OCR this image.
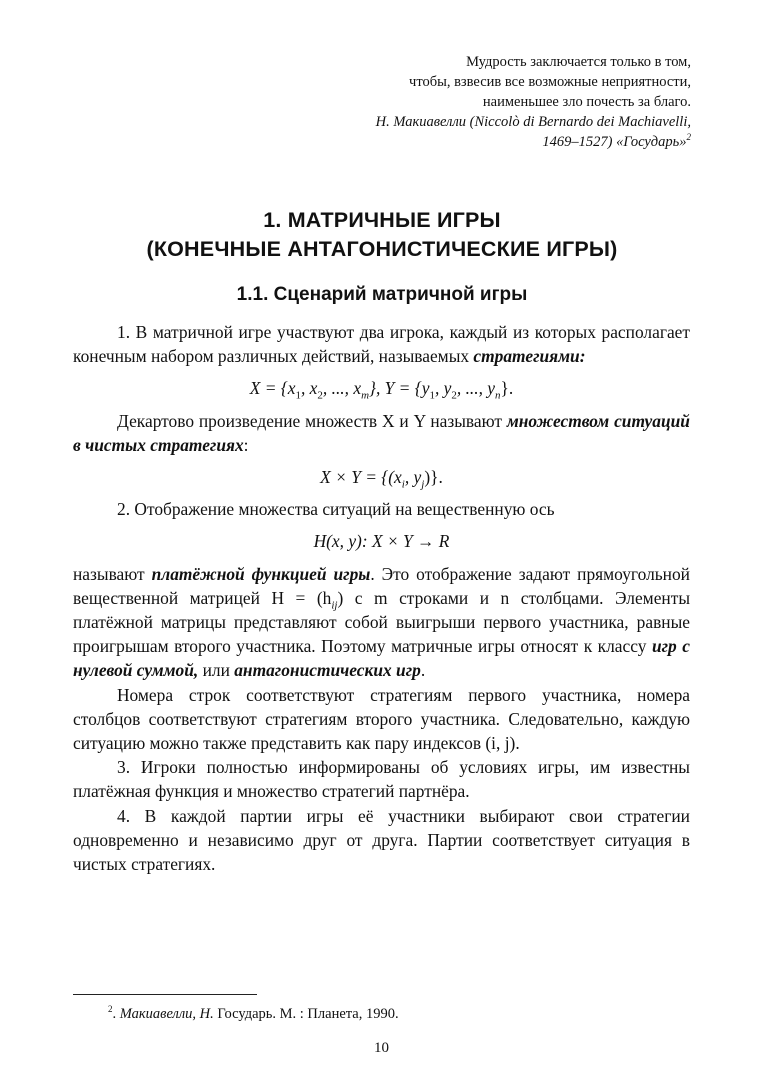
Мудрость заключается только в том,
чтобы, взвесив все возможные неприятности,
наименьшее зло почесть за благо.
Н. Макиавелли (Niccolò di Bernardo dei Machiavelli,
1469–1527) «Государь»$^2$
1. МАТРИЧНЫЕ ИГРЫ
(КОНЕЧНЫЕ АНТАГОНИСТИЧЕСКИЕ ИГРЫ)
1.1. Сценарий матричной игры

1. В матричной игре участвуют два игрока, каждый из которых располагает конечным набором различных действий, называемых стратегиями:

$X = \{x_1$, $x_2$, ..., $x_m$}, $Y = \{y_1$, $y_2$, ..., $y_n$}.

Декартово произведение множеств X и Y называют множеством ситуаций в чистых стратегиях:

$X \times Y = \{(x_i$, $y_j$)}.

2. Отображение множества ситуаций на вещественную ось

H(x, y): X × Y → R

называют платёжной функцией игры. Это отображение задают прямоугольной вещественной матрицей $H = (h_{ij})$ с m строками и n столбцами. Элементы платёжной матрицы представляют собой выигрыши первого участника, равные проигрышам второго участника. Поэтому матричные игры относят к классу игр с нулевой суммой, или антагонистических игр.

Номера строк соответствуют стратегиям первого участника, номера столбцов соответствуют стратегиям второго участника. Следовательно, каждую ситуацию можно также представить как пару индексов (i, j).

3. Игроки полностью информированы об условиях игры, им известны платёжная функция и множество стратегий партнёра.

4. В каждой партии игры её участники выбирают свои стратегии одновременно и независимо друг от друга. Партии соответствует ситуация в чистых стратегиях.

$^2$. Макиавелли, Н. Государь. М. : Планета, 1990.
10
